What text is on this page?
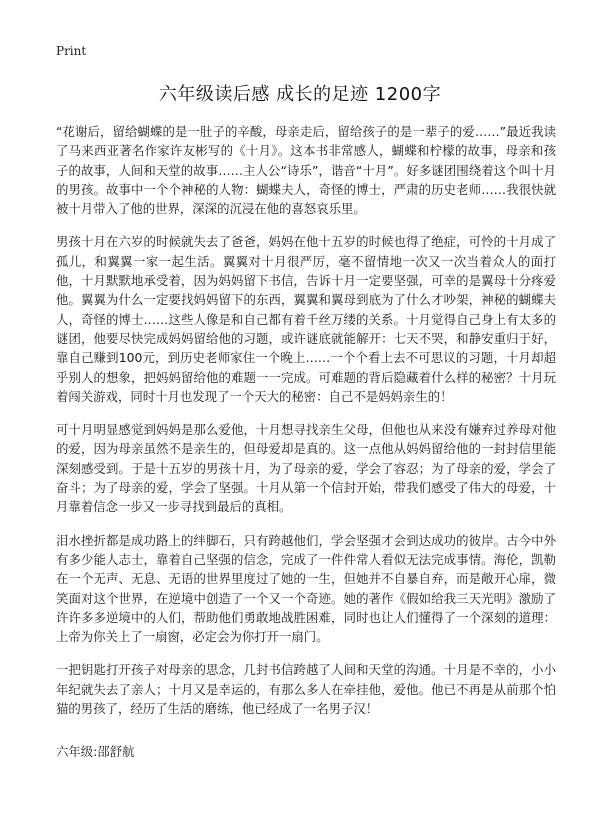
Print
六年级读后感 成长的足迹 1200字

“花谢后，留给蝴蝶的是一肚子的辛酸，母亲走后，留给孩子的是一辈子的爱……”最近我读了马来西亚著名作家许友彬写的《十月》。这本书非常感人，蝴蝶和柠檬的故事，母亲和孩子的故事，人间和天堂的故事……主人公“诗乐”，谐音“十月”。好多谜团围绕着这个叫十月的男孩。故事中一个个神秘的人物：蝴蝶夫人，奇怪的博士，严肃的历史老师……我很快就被十月带入了他的世界，深深的沉浸在他的喜怒哀乐里。

男孩十月在六岁的时候就失去了爸爸，妈妈在他十五岁的时候也得了绝症，可怜的十月成了孤儿，和翼翼一家一起生活。翼翼对十月很严厉，毫不留情地一次又一次当着众人的面打他，十月默默地承受着，因为妈妈留下书信，告诉十月一定要坚强，可幸的是翼母十分疼爱他。翼翼为什么一定要找妈妈留下的东西，翼翼和翼母到底为了什么才吵架，神秘的蝴蝶夫人，奇怪的博士……这些人像是和自己都有着千丝万缕的关系。十月觉得自己身上有太多的谜团，他要尽快完成妈妈留给他的习题，或许谜底就能解开：七天不哭，和静安重归于好，靠自己赚到100元，到历史老师家住一个晚上……一个个看上去不可思议的习题，十月却超乎别人的想象，把妈妈留给他的难题一一完成。可难题的背后隐藏着什么样的秘密？十月玩着闯关游戏，同时十月也发现了一个天大的秘密：自己不是妈妈亲生的！

可十月明显感觉到妈妈是那么爱他，十月想寻找亲生父母，但他也从来没有嫌弃过养母对他的爱，因为母亲虽然不是亲生的，但母爱却是真的。这一点他从妈妈留给他的一封封信里能深刻感受到。于是十五岁的男孩十月，为了母亲的爱，学会了容忍；为了母亲的爱，学会了奋斗；为了母亲的爱，学会了坚强。十月从第一个信封开始，带我们感受了伟大的母爱，十月靠着信念一步又一步寻找到最后的真相。

泪水挫折都是成功路上的绊脚石，只有跨越他们，学会坚强才会到达成功的彼岸。古今中外有多少能人志士，靠着自己坚强的信念，完成了一件件常人看似无法完成事情。海伦，凯勒在一个无声、无息、无语的世界里度过了她的一生，但她并不自暴自弃，而是敞开心扉，微笑面对这个世界，在逆境中创造了一个又一个奇迹。她的著作《假如给我三天光明》激励了许许多多逆境中的人们，帮助他们勇敢地战胜困难，同时也让人们懂得了一个深刻的道理：上帝为你关上了一扇窗，必定会为你打开一扇门。

一把钥匙打开孩子对母亲的思念，几封书信跨越了人间和天堂的沟通。十月是不幸的，小小年纪就失去了亲人；十月又是幸运的，有那么多人在牵挂他，爱他。他已不再是从前那个怕猫的男孩了，经历了生活的磨练，他已经成了一名男子汉！

六年级:邵舒航
